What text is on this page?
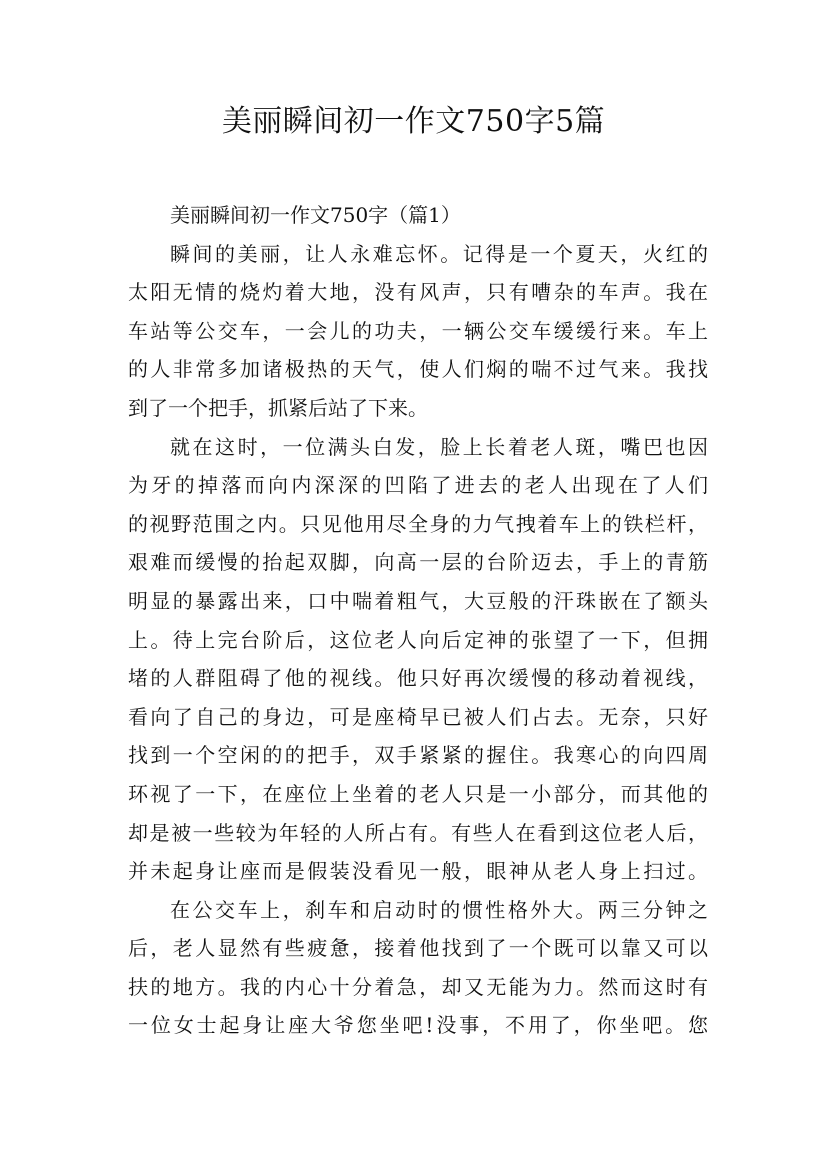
美丽瞬间初一作文750字5篇
美丽瞬间初一作文750字（篇1）
瞬间的美丽，让人永难忘怀。记得是一个夏天，火红的
太阳无情的烧灼着大地，没有风声，只有嘈杂的车声。我在
车站等公交车，一会儿的功夫，一辆公交车缓缓行来。车上
的人非常多加诸极热的天气，使人们焖的喘不过气来。我找
到了一个把手，抓紧后站了下来。
就在这时，一位满头白发，脸上长着老人斑，嘴巴也因
为牙的掉落而向内深深的凹陷了进去的老人出现在了人们
的视野范围之内。只见他用尽全身的力气拽着车上的铁栏杆，
艰难而缓慢的抬起双脚，向高一层的台阶迈去，手上的青筋
明显的暴露出来，口中喘着粗气，大豆般的汗珠嵌在了额头
上。待上完台阶后，这位老人向后定神的张望了一下，但拥
堵的人群阻碍了他的视线。他只好再次缓慢的移动着视线，
看向了自己的身边，可是座椅早已被人们占去。无奈，只好
找到一个空闲的的把手，双手紧紧的握住。我寒心的向四周
环视了一下，在座位上坐着的老人只是一小部分，而其他的
却是被一些较为年轻的人所占有。有些人在看到这位老人后，
并未起身让座而是假装没看见一般，眼神从老人身上扫过。
在公交车上，刹车和启动时的惯性格外大。两三分钟之
后，老人显然有些疲惫，接着他找到了一个既可以靠又可以
扶的地方。我的内心十分着急，却又无能为力。然而这时有
一位女士起身让座大爷您坐吧!没事，不用了，你坐吧。您
